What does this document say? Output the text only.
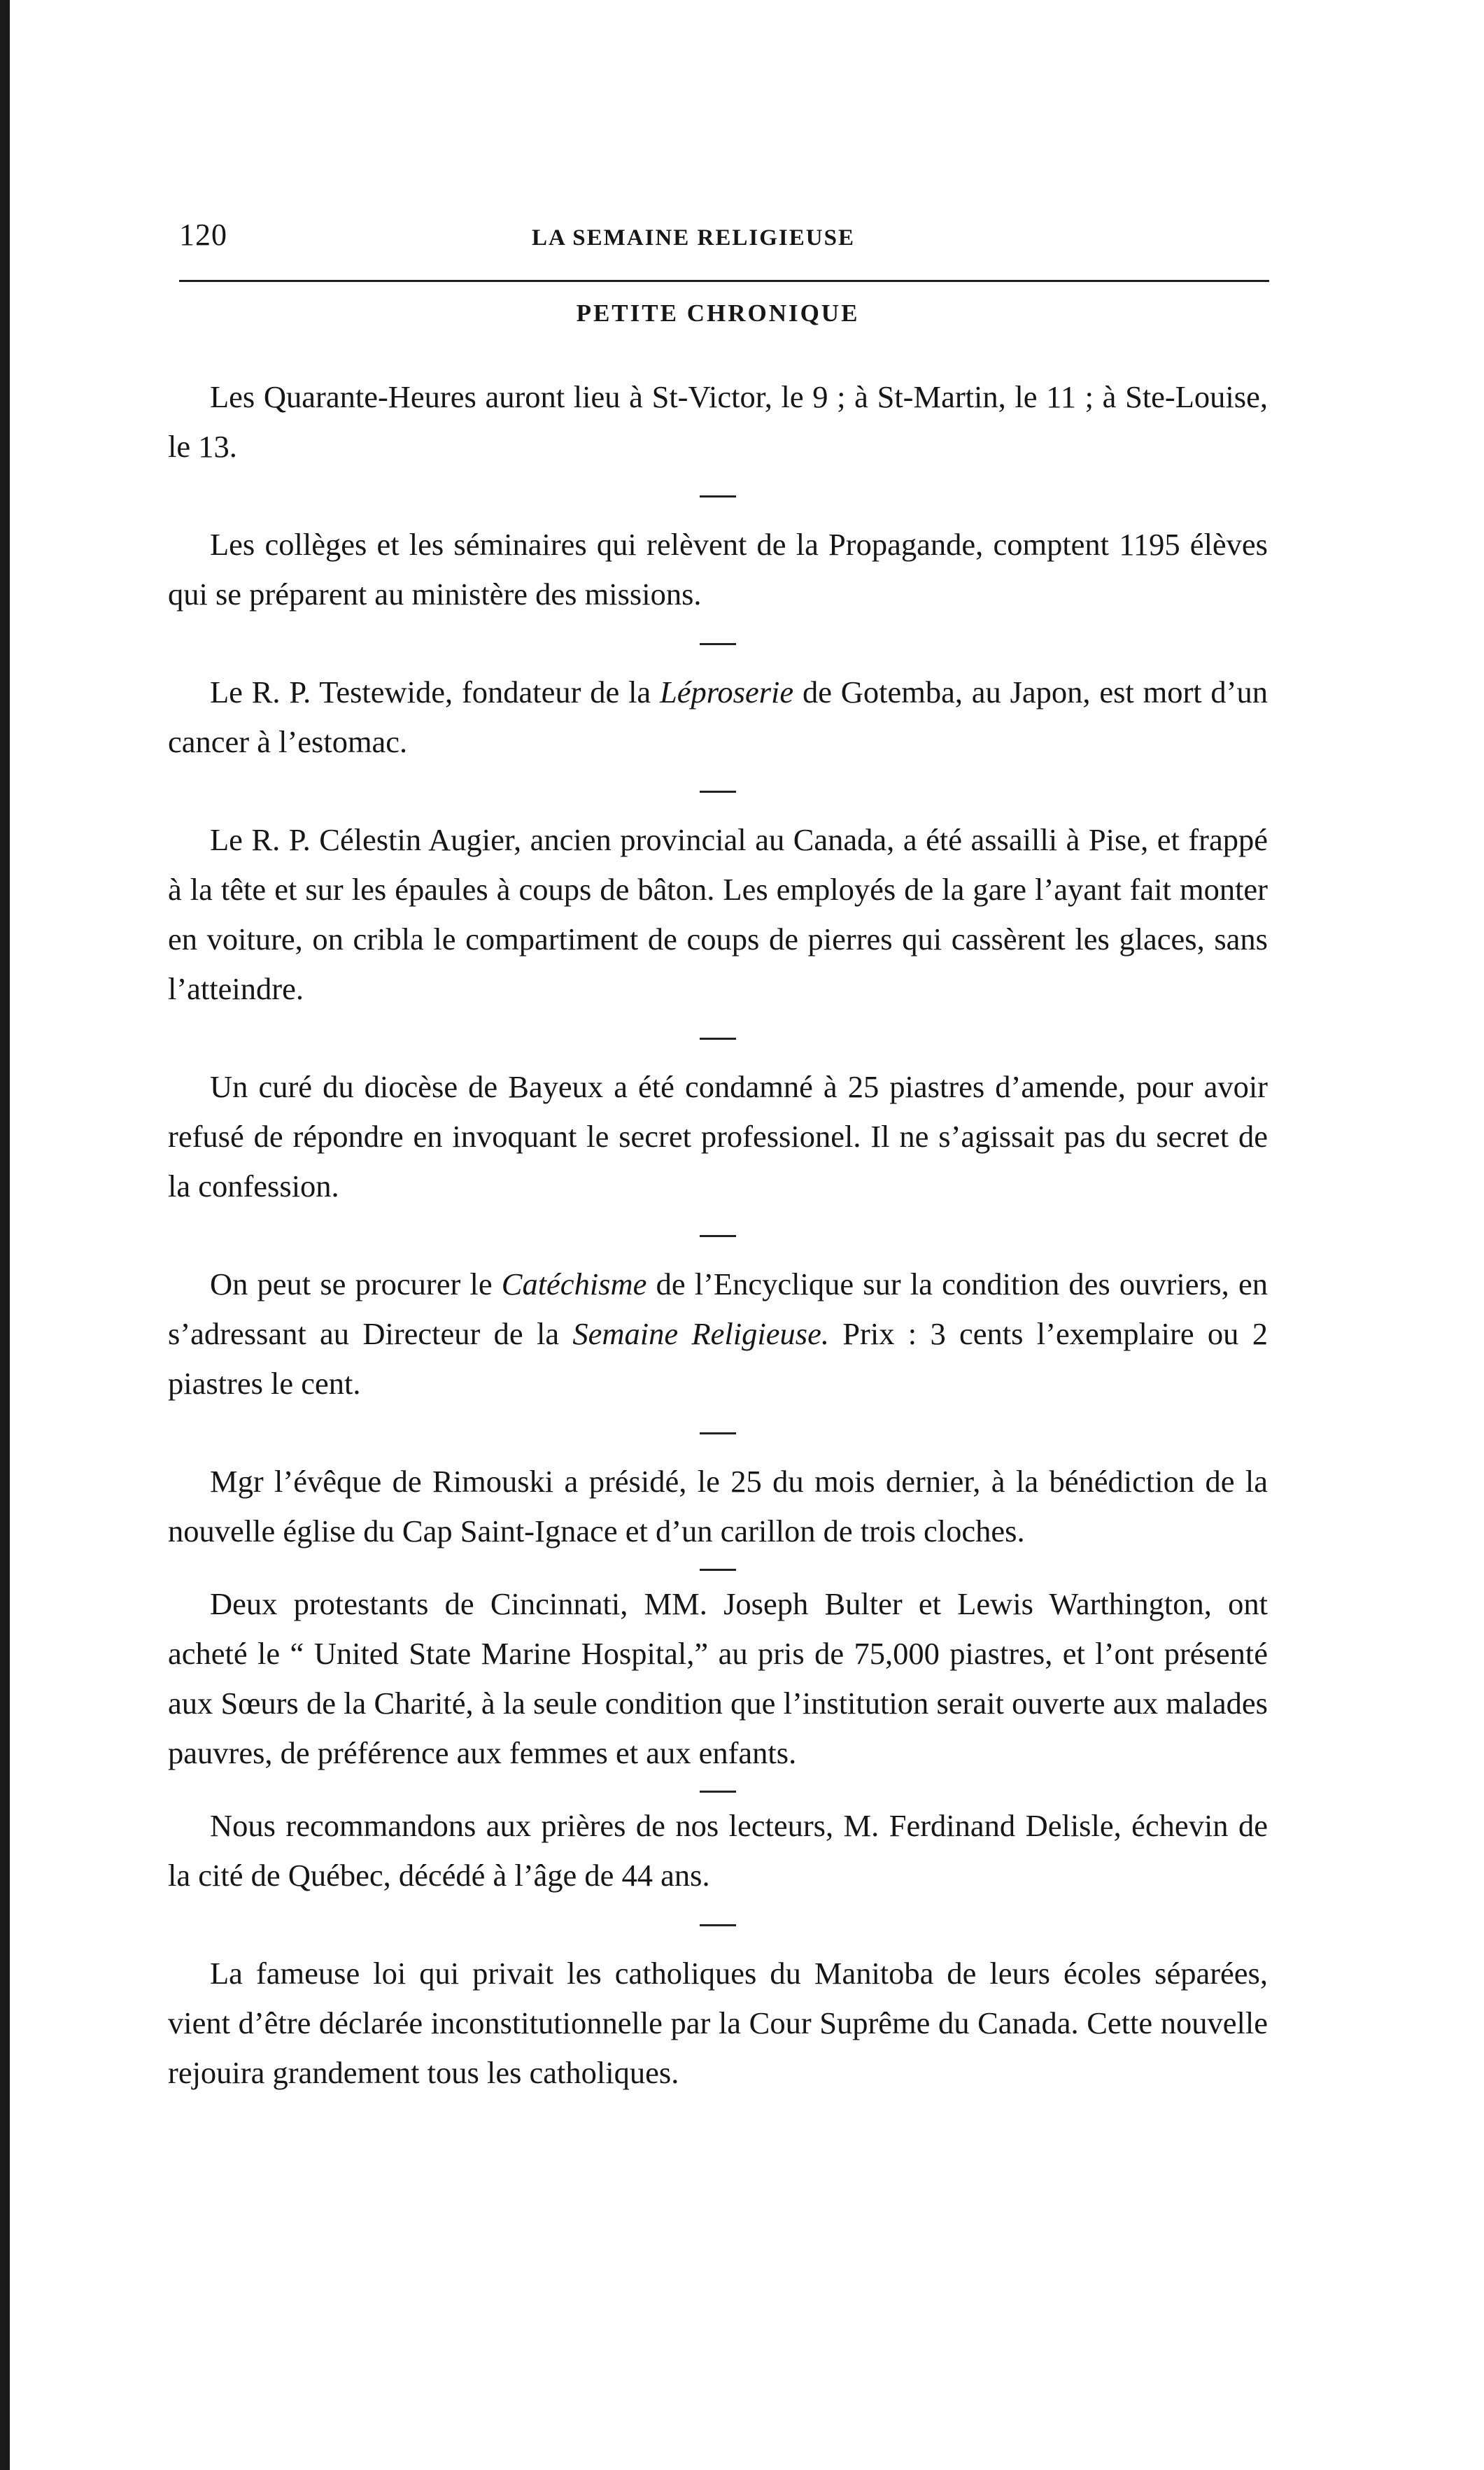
120	LA SEMAINE RELIGIEUSE
PETITE CHRONIQUE

Les Quarante-Heures auront lieu à St-Victor, le 9 ; à St-Martin, le 11 ; à Ste-Louise, le 13.

Les collèges et les séminaires qui relèvent de la Propagande, comptent 1195 élèves qui se préparent au ministère des missions.

Le R. P. Testewide, fondateur de la Léproserie de Gotemba, au Japon, est mort d’un cancer à l’estomac.

Le R. P. Célestin Augier, ancien provincial au Canada, a été assailli à Pise, et frappé à la tête et sur les épaules à coups de bâton. Les employés de la gare l’ayant fait monter en voiture, on cribla le compartiment de coups de pierres qui cassèrent les glaces, sans l’atteindre.

Un curé du diocèse de Bayeux a été condamné à 25 piastres d’amende, pour avoir refusé de répondre en invoquant le secret professionel. Il ne s’agissait pas du secret de la confession.

On peut se procurer le Catéchisme de l’Encyclique sur la condition des ouvriers, en s’adressant au Directeur de la Semaine Religieuse. Prix : 3 cents l’exemplaire ou 2 piastres le cent.

Mgr l’évêque de Rimouski a présidé, le 25 du mois dernier, à la bénédiction de la nouvelle église du Cap Saint-Ignace et d’un carillon de trois cloches.

Deux protestants de Cincinnati, MM. Joseph Bulter et Lewis Warthington, ont acheté le “ United State Marine Hospital,” au pris de 75,000 piastres, et l’ont présenté aux Sœurs de la Charité, à la seule condition que l’institution serait ouverte aux malades pauvres, de préférence aux femmes et aux enfants.

Nous recommandons aux prières de nos lecteurs, M. Ferdinand Delisle, échevin de la cité de Québec, décédé à l’âge de 44 ans.

La fameuse loi qui privait les catholiques du Manitoba de leurs écoles séparées, vient d’être déclarée inconstitutionnelle par la Cour Suprême du Canada. Cette nouvelle rejouira grandement tous les catholiques.
